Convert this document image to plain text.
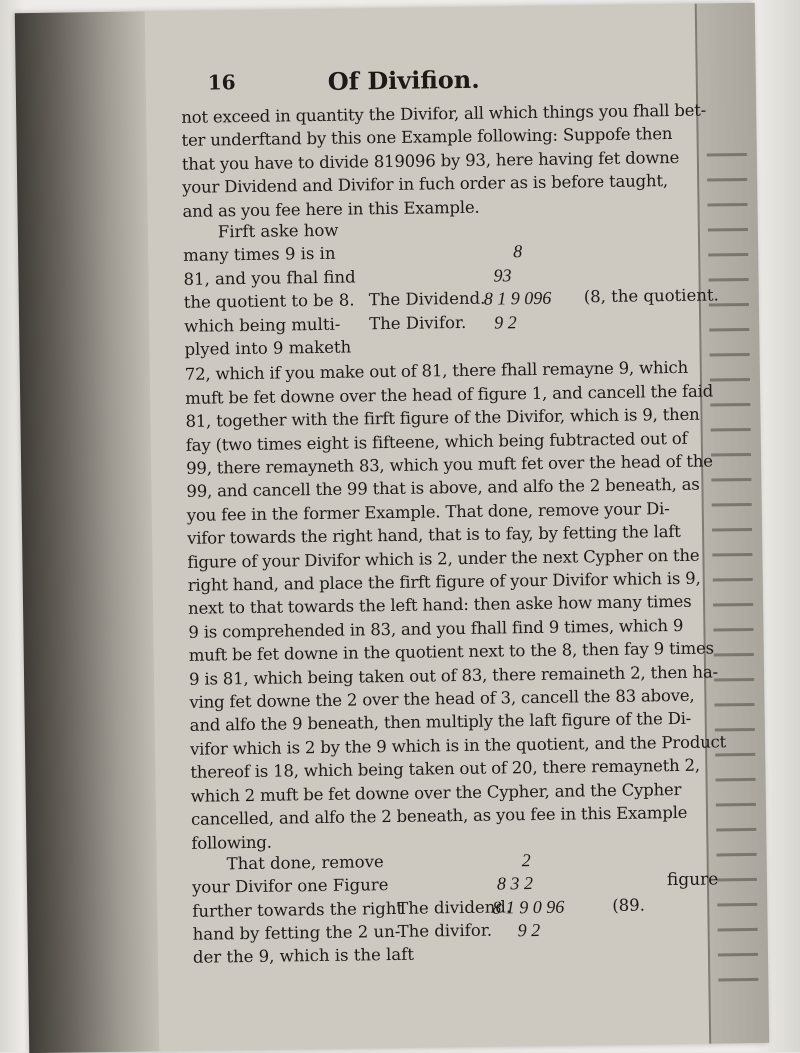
16	Of Divifion.
not exceed in quantity the Divifor, all which things you fhall bet-
ter underftand by this one Example following: Suppofe then
that you have to divide 819096 by 93, here having fet downe
your Dividend and Divifor in fuch order as is before taught,
and as you fee here in this Example.
Firft aske how
many times 9 is in	8
81, and you fhal find	93
the quotient to be 8. The Dividend.
8 1 9 096 (8, the quotient.
which being multi- The Divifor. 9 2
plyed into 9 maketh
72, which if you make out of 81, there fhall remayne 9, which
muft be fet downe over the head of figure 1, and cancell the faid
81, together with the firft figure of the Divifor, which is 9, then
fay (two times eight is fifteene, which being fubtracted out of
99, there remayneth 83, which you muft fet over the head of the
99, and cancell the 99 that is above, and alfo the 2 beneath, as
you fee in the former Example. That done, remove your Di-
vifor towards the right hand, that is to fay, by fetting the laft
figure of your Divifor which is 2, under the next Cypher on the
right hand, and place the firft figure of your Divifor which is 9,
next to that towards the left hand: then aske how many times
9 is comprehended in 83, and you fhall find 9 times, which 9
muft be fet downe in the quotient next to the 8, then fay 9 times
9 is 81, which being taken out of 83, there remaineth 2, then ha-
ving fet downe the 2 over the head of 3, cancell the 83 above,
and alfo the 9 beneath, then multiply the laft figure of the Di-
vifor which is 2 by the 9 which is in the quotient, and the Product
thereof is 18, which being taken out of 20, there remayneth 2,
which 2 muft be fet downe over the Cypher, and the Cypher
cancelled, and alfo the 2 beneath, as you fee in this Example
following.
That done, remove	2
your Divifor one Figure	8 3 2
further towards the right
The dividend.
8 1 9 0 96	(89.
hand by fetting the 2 un-
The divifor. 9 2
der the 9, which is the laft
figure
